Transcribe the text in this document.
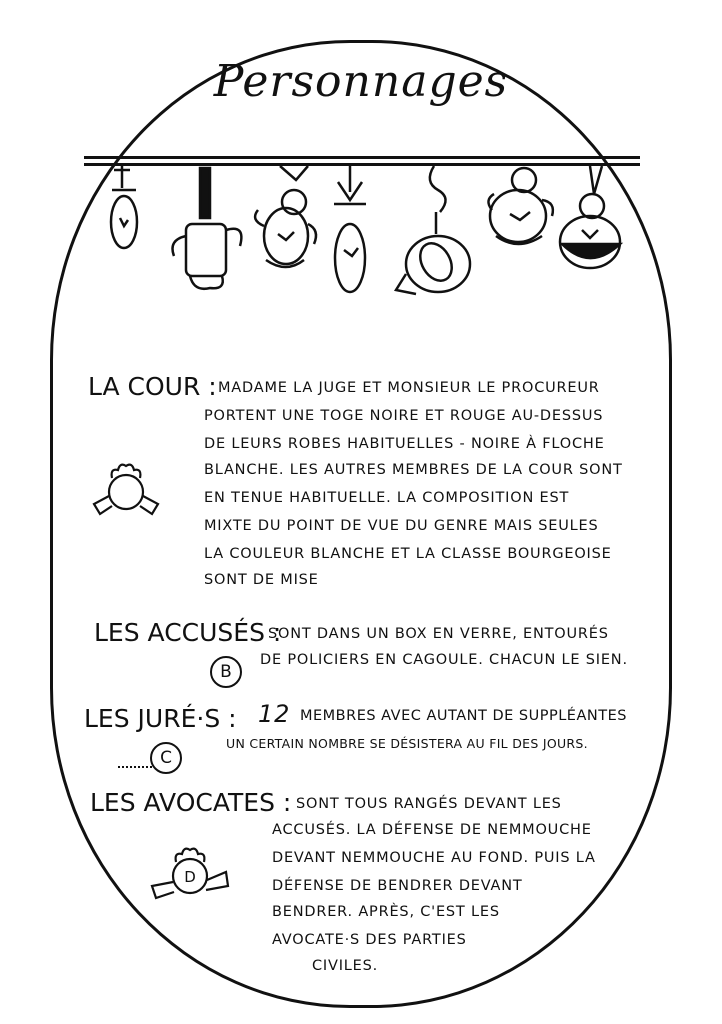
Personnages
LA COUR : MADAME LA JUGE ET MONSIEUR LE PROCUREUR
PORTENT UNE TOGE NOIRE ET ROUGE AU-DESSUS
DE LEURS ROBES HABITUELLES - NOIRE À FLOCHE
BLANCHE. LES AUTRES MEMBRES DE LA COUR SONT
EN TENUE HABITUELLE. LA COMPOSITION EST
MIXTE DU POINT DE VUE DU GENRE MAIS SEULES
LA COULEUR BLANCHE ET LA CLASSE BOURGEOISE
SONT DE MISE
LES ACCUSÉS :
SONT DANS UN BOX EN VERRE, ENTOURÉS
DE POLICIERS EN CAGOULE. CHACUN LE SIEN.
B
LES JURÉ·S : 12 MEMBRES AVEC AUTANT DE SUPPLÉANTES
UN CERTAIN NOMBRE SE DÉSISTERA AU FIL DES JOURS.
C
LES AVOCATES : SONT TOUS RANGÉS DEVANT LES
ACCUSÉS. LA DÉFENSE DE NEMMOUCHE
DEVANT NEMMOUCHE AU FOND. PUIS LA
DÉFENSE DE BENDRER DEVANT
BENDRER. APRÈS, C'EST LES
AVOCATE·S DES PARTIES
CIVILES.
D
